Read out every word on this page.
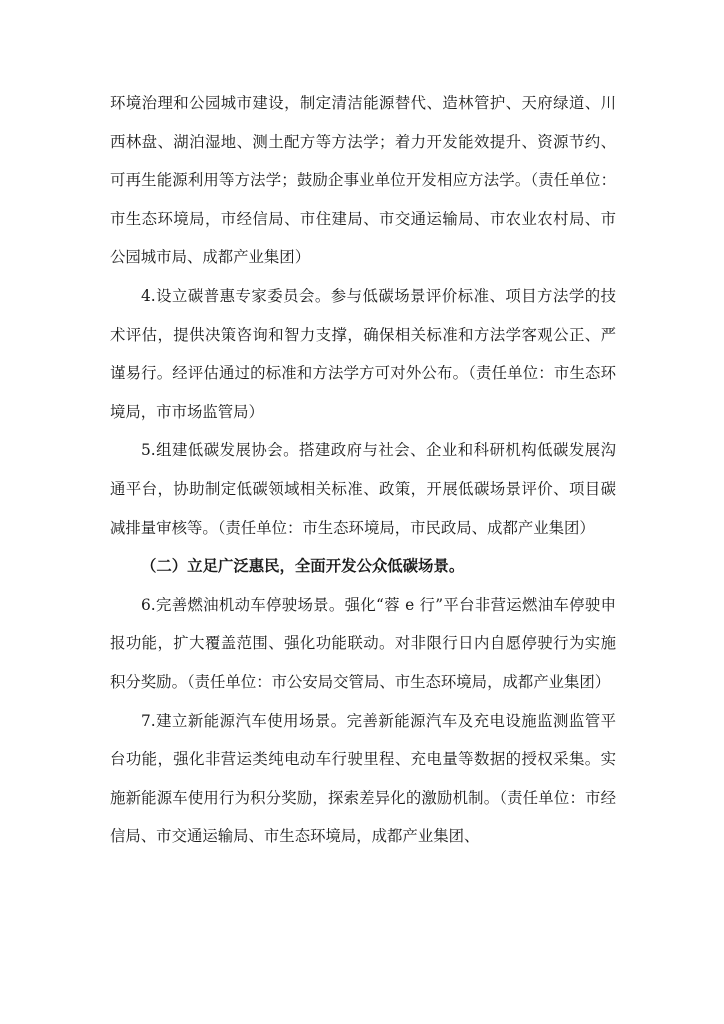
环境治理和公园城市建设，制定清洁能源替代、造林管护、天府绿道、川西林盘、湖泊湿地、测土配方等方法学；着力开发能效提升、资源节约、可再生能源利用等方法学；鼓励企事业单位开发相应方法学。（责任单位：市生态环境局，市经信局、市住建局、市交通运输局、市农业农村局、市公园城市局、成都产业集团）

4.设立碳普惠专家委员会。参与低碳场景评价标准、项目方法学的技术评估，提供决策咨询和智力支撑，确保相关标准和方法学客观公正、严谨易行。经评估通过的标准和方法学方可对外公布。（责任单位：市生态环境局，市市场监管局）

5.组建低碳发展协会。搭建政府与社会、企业和科研机构低碳发展沟通平台，协助制定低碳领域相关标准、政策，开展低碳场景评价、项目碳减排量审核等。（责任单位：市生态环境局，市民政局、成都产业集团）

（二）立足广泛惠民，全面开发公众低碳场景。

6.完善燃油机动车停驶场景。强化“蓉 e 行”平台非营运燃油车停驶申报功能，扩大覆盖范围、强化功能联动。对非限行日内自愿停驶行为实施积分奖励。（责任单位：市公安局交管局、市生态环境局，成都产业集团）

7.建立新能源汽车使用场景。完善新能源汽车及充电设施监测监管平台功能，强化非营运类纯电动车行驶里程、充电量等数据的授权采集。实施新能源车使用行为积分奖励，探索差异化的激励机制。（责任单位：市经信局、市交通运输局、市生态环境局，成都产业集团、
